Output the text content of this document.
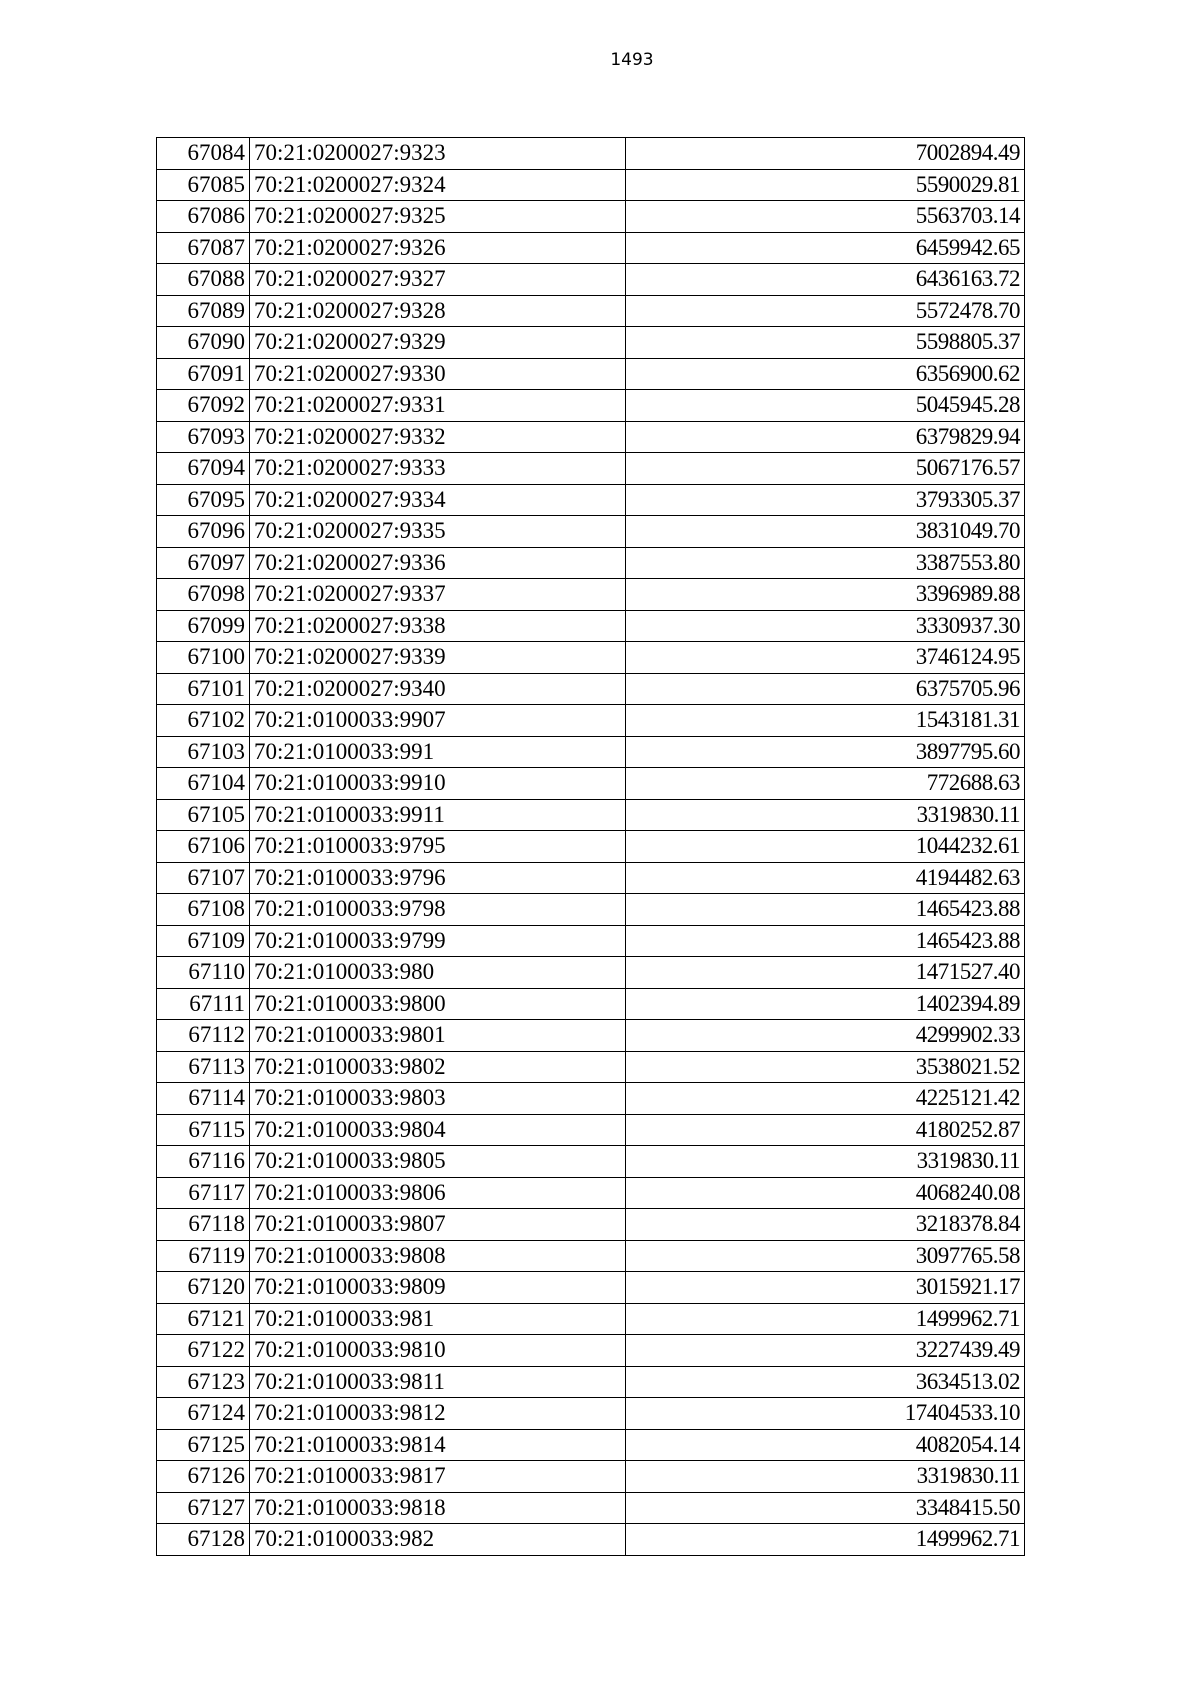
1493
67084	70:21:0200027:9323	7002894.49
67085	70:21:0200027:9324	5590029.81
67086	70:21:0200027:9325	5563703.14
67087	70:21:0200027:9326	6459942.65
67088	70:21:0200027:9327	6436163.72
67089	70:21:0200027:9328	5572478.70
67090	70:21:0200027:9329	5598805.37
67091	70:21:0200027:9330	6356900.62
67092	70:21:0200027:9331	5045945.28
67093	70:21:0200027:9332	6379829.94
67094	70:21:0200027:9333	5067176.57
67095	70:21:0200027:9334	3793305.37
67096	70:21:0200027:9335	3831049.70
67097	70:21:0200027:9336	3387553.80
67098	70:21:0200027:9337	3396989.88
67099	70:21:0200027:9338	3330937.30
67100	70:21:0200027:9339	3746124.95
67101	70:21:0200027:9340	6375705.96
67102	70:21:0100033:9907	1543181.31
67103	70:21:0100033:991	3897795.60
67104	70:21:0100033:9910	772688.63
67105	70:21:0100033:9911	3319830.11
67106	70:21:0100033:9795	1044232.61
67107	70:21:0100033:9796	4194482.63
67108	70:21:0100033:9798	1465423.88
67109	70:21:0100033:9799	1465423.88
67110	70:21:0100033:980	1471527.40
67111	70:21:0100033:9800	1402394.89
67112	70:21:0100033:9801	4299902.33
67113	70:21:0100033:9802	3538021.52
67114	70:21:0100033:9803	4225121.42
67115	70:21:0100033:9804	4180252.87
67116	70:21:0100033:9805	3319830.11
67117	70:21:0100033:9806	4068240.08
67118	70:21:0100033:9807	3218378.84
67119	70:21:0100033:9808	3097765.58
67120	70:21:0100033:9809	3015921.17
67121	70:21:0100033:981	1499962.71
67122	70:21:0100033:9810	3227439.49
67123	70:21:0100033:9811	3634513.02
67124	70:21:0100033:9812	17404533.10
67125	70:21:0100033:9814	4082054.14
67126	70:21:0100033:9817	3319830.11
67127	70:21:0100033:9818	3348415.50
67128	70:21:0100033:982	1499962.71
